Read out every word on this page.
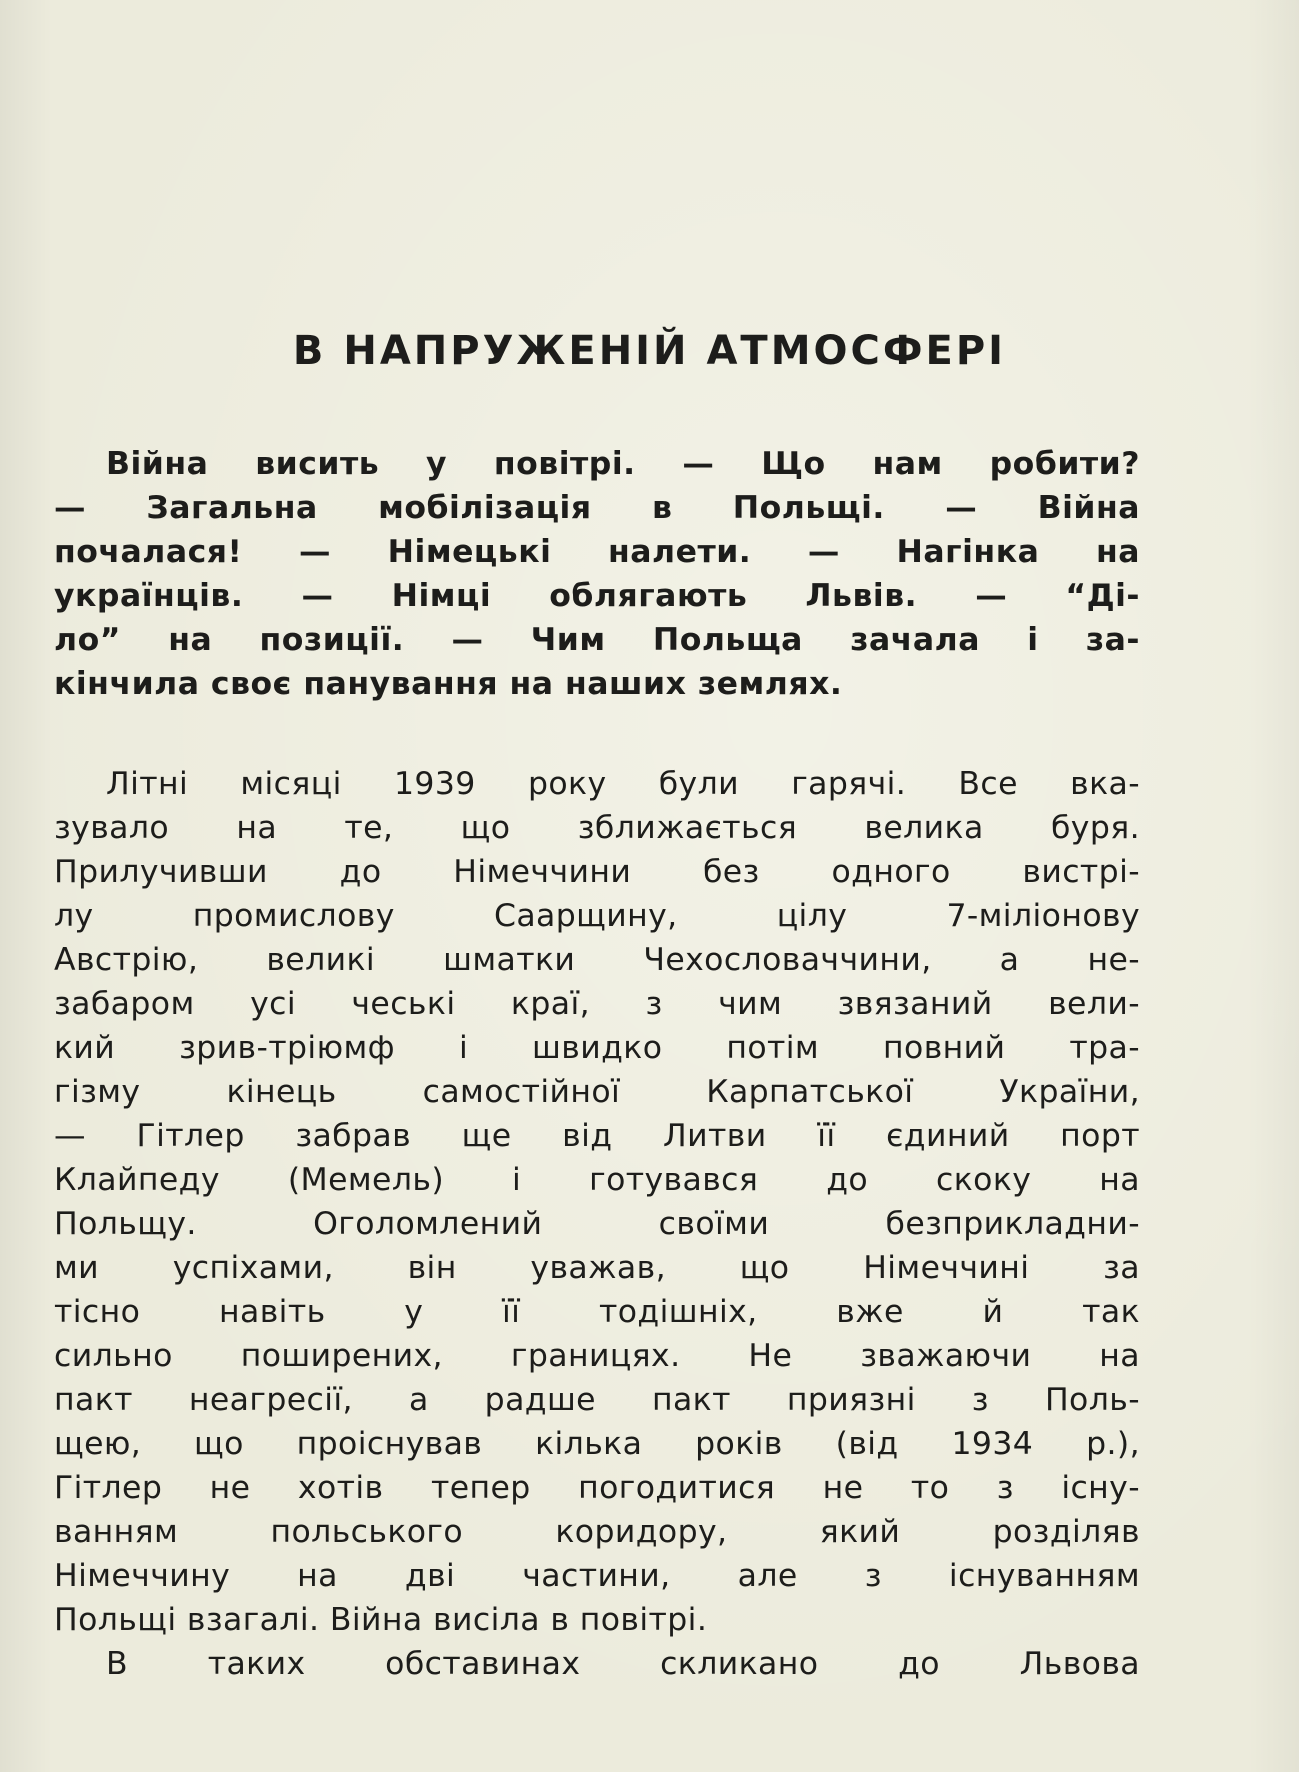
В НАПРУЖЕНІЙ АТМОСФЕРІ
Війна висить у повітрі. — Що нам робити?
— Загальна мобілізація в Польщі. — Війна
почалася! — Німецькі налети. — Нагінка на
українців. — Німці облягають Львів. — “Ді-
ло” на позиції. — Чим Польща зачала і за-
кінчила своє панування на наших землях.
Літні місяці 1939 року були гарячі. Все вка-
зувало на те, що зближається велика буря.
Прилучивши до Німеччини без одного вистрі-
лу промислову Саарщину, цілу 7-міліонову
Австрію, великі шматки Чехословаччини, а не-
забаром усі чеські краї, з чим звязаний вели-
кий зрив-тріюмф і швидко потім повний тра-
гізму кінець самостійної Карпатської України,
— Гітлер забрав ще від Литви її єдиний порт
Клайпеду (Мемель) і готувався до скоку на
Польщу. Оголомлений своїми безприкладни-
ми успіхами, він уважав, що Німеччині за
тісно навіть у її тодішніх, вже й так
сильно поширених, границях. Не зважаючи на
пакт неагресії, а радше пакт приязні з Поль-
щею, що проіснував кілька років (від 1934 р.),
Гітлер не хотів тепер погодитися не то з існу-
ванням польського коридору, який розділяв
Німеччину на дві частини, але з існуванням
Польщі взагалі. Війна висіла в повітрі.
В таких обставинах скликано до Львова
